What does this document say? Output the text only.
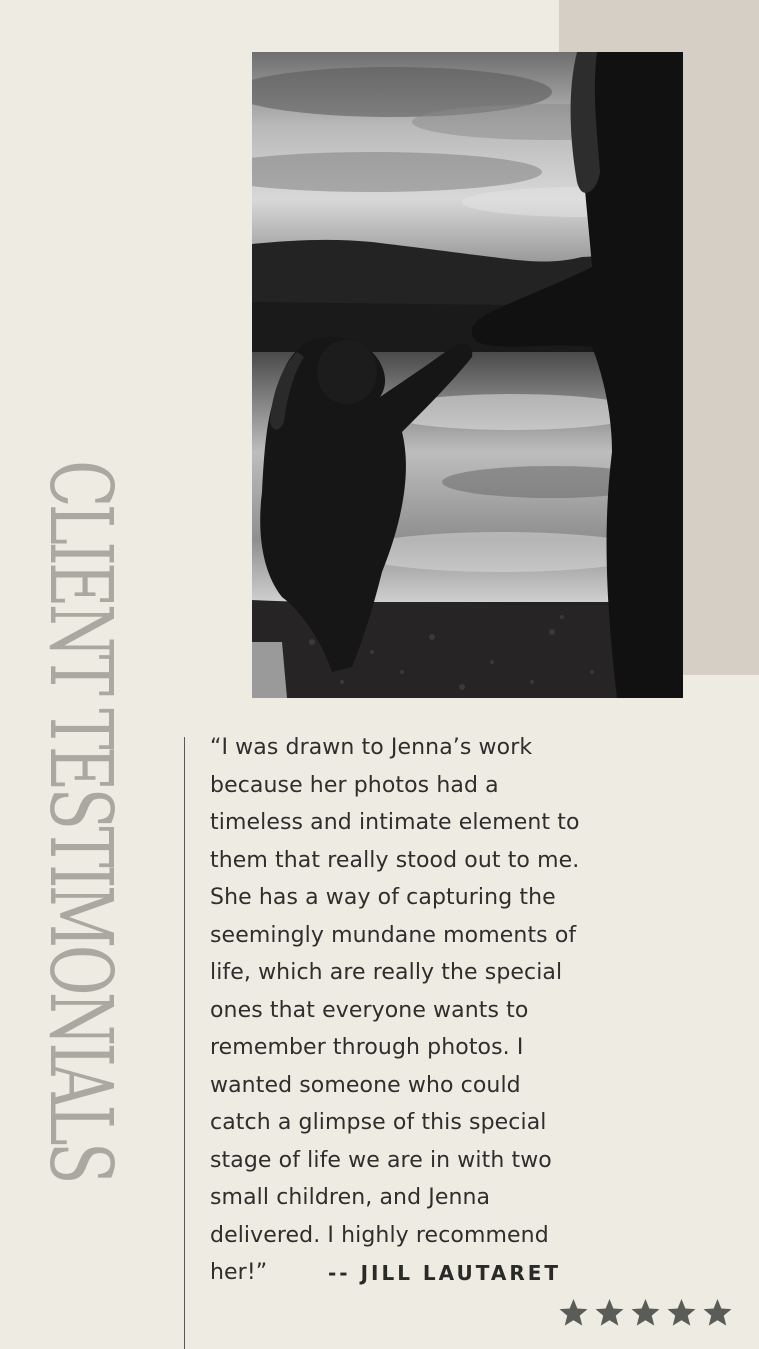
CLIENT TESTIMONIALS	“I was drawn to Jenna’s work
because her photos had a
timeless and intimate element to
them that really stood out to me.
She has a way of capturing the
seemingly mundane moments of
life, which are really the special
ones that everyone wants to
remember through photos. I
wanted someone who could
catch a glimpse of this special
stage of life we are in with two
small children, and Jenna
delivered. I highly recommend
her!”	-- JILL LAUTARET
